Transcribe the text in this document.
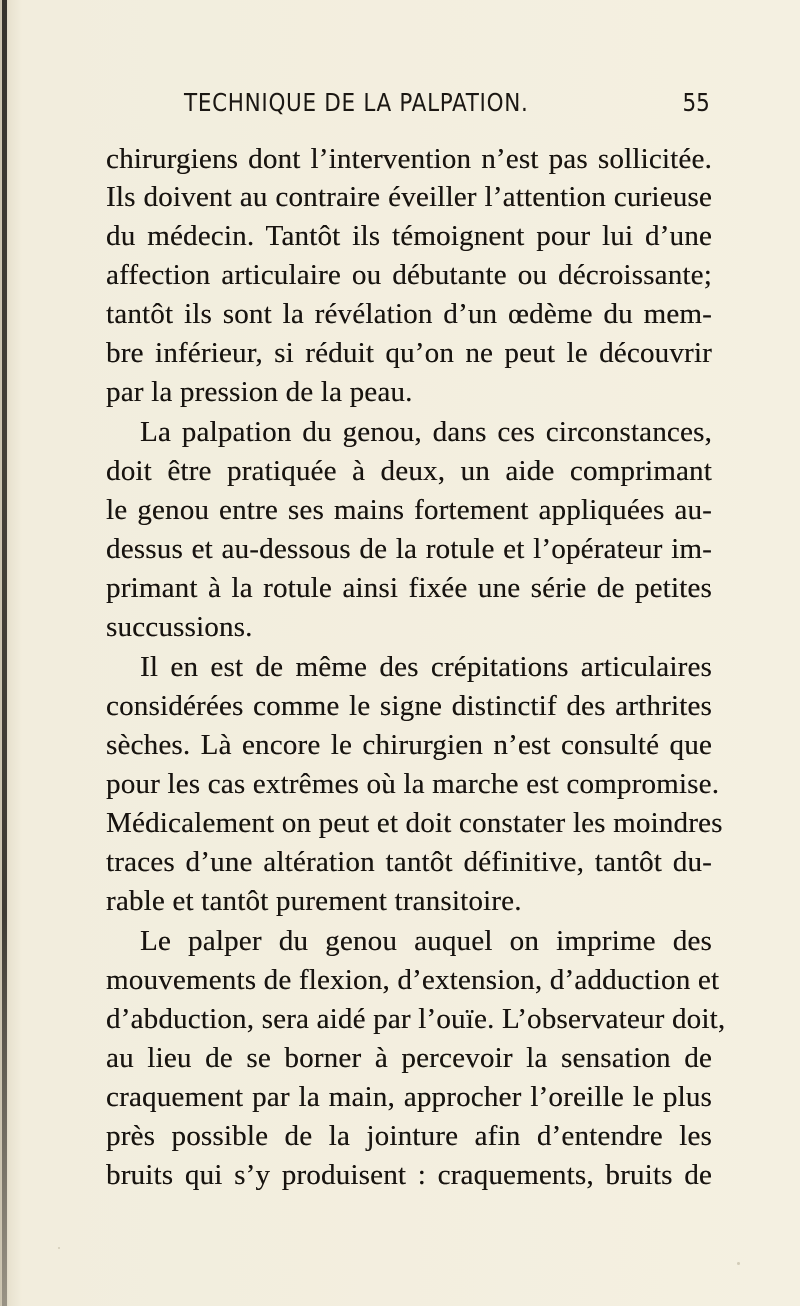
TECHNIQUE DE LA PALPATION.	55
chirurgiens dont l’intervention n’est pas sollicitée.
Ils doivent au contraire éveiller l’attention curieuse
du médecin. Tantôt ils témoignent pour lui d’une
affection articulaire ou débutante ou décroissante;
tantôt ils sont la révélation d’un œdème du mem-
bre inférieur, si réduit qu’on ne peut le découvrir
par la pression de la peau.
La palpation du genou, dans ces circonstances,
doit être pratiquée à deux, un aide comprimant
le genou entre ses mains fortement appliquées au-
dessus et au-dessous de la rotule et l’opérateur im-
primant à la rotule ainsi fixée une série de petites
succussions.
Il en est de même des crépitations articulaires
considérées comme le signe distinctif des arthrites
sèches. Là encore le chirurgien n’est consulté que
pour les cas extrêmes où la marche est compromise.
Médicalement on peut et doit constater les moindres
traces d’une altération tantôt définitive, tantôt du-
rable et tantôt purement transitoire.
Le palper du genou auquel on imprime des
mouvements de flexion, d’extension, d’adduction et
d’abduction, sera aidé par l’ouïe. L’observateur doit,
au lieu de se borner à percevoir la sensation de
craquement par la main, approcher l’oreille le plus
près possible de la jointure afin d’entendre les
bruits qui s’y produisent : craquements, bruits de
